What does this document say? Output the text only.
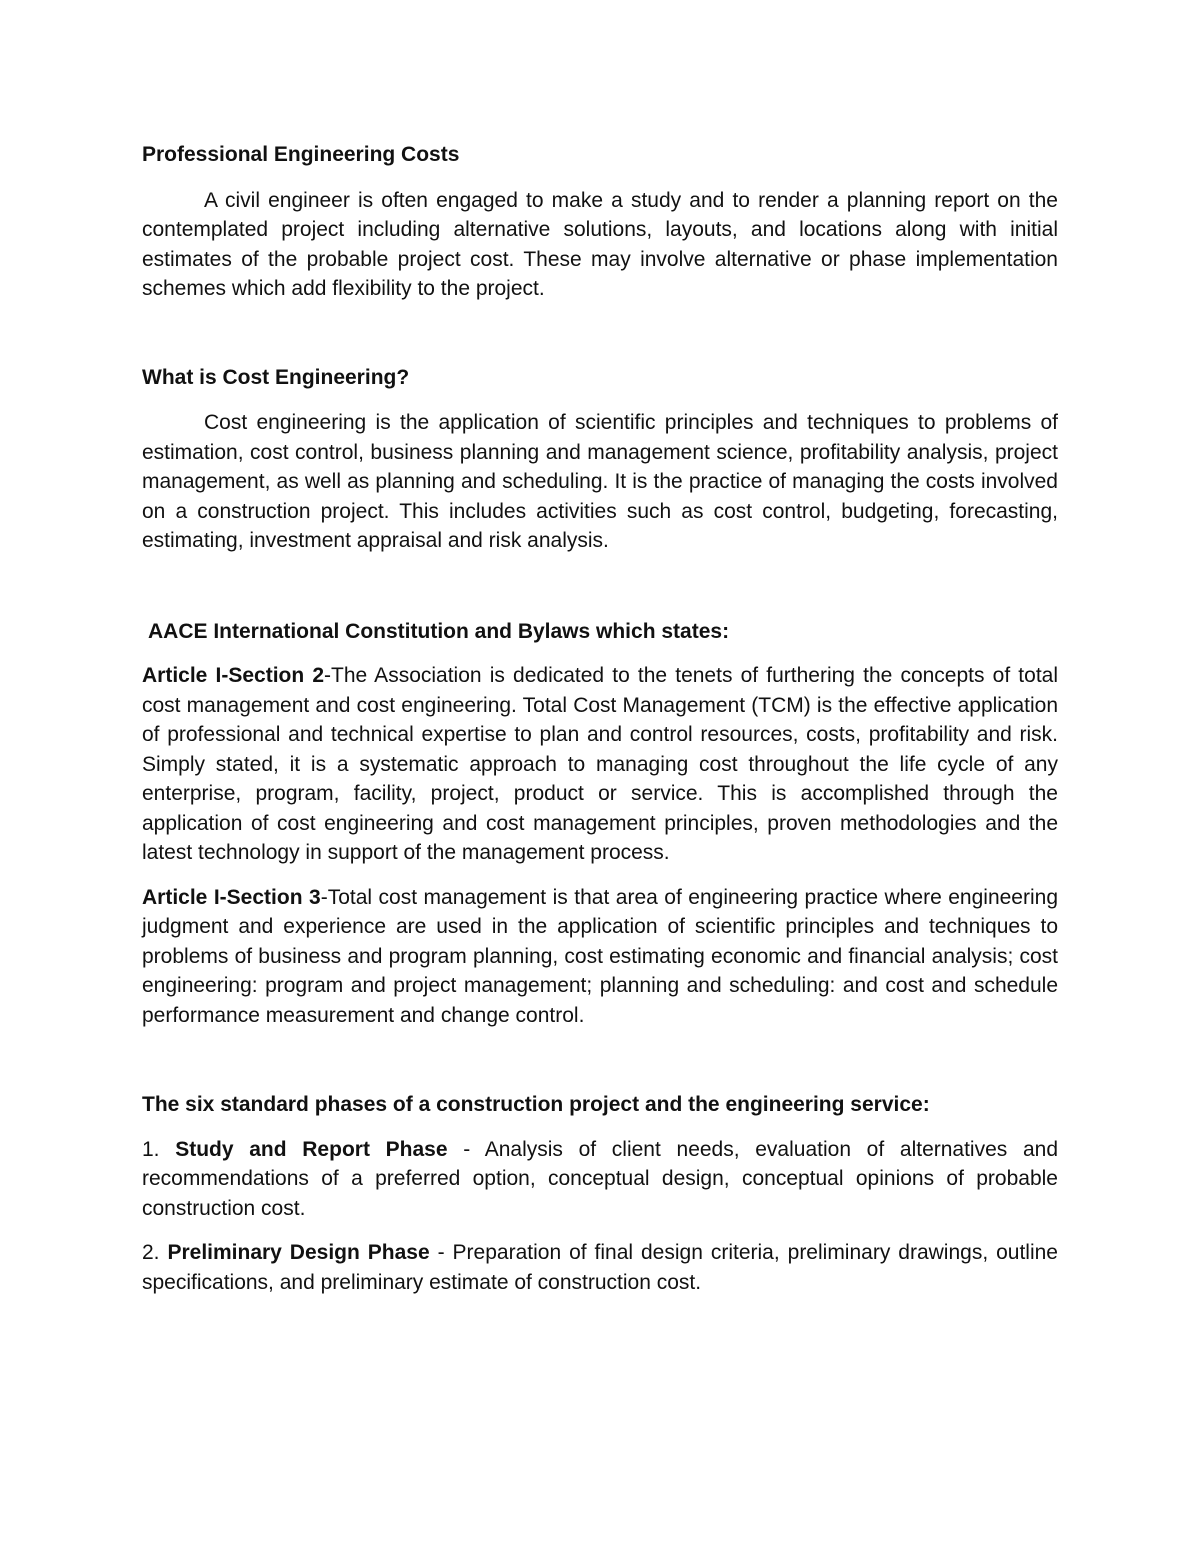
Professional Engineering Costs

A civil engineer is often engaged to make a study and to render a planning report on the contemplated project including alternative solutions, layouts, and locations along with initial estimates of the probable project cost. These may involve alternative or phase implementation schemes which add flexibility to the project.

What is Cost Engineering?

Cost engineering is the application of scientific principles and techniques to problems of estimation, cost control, business planning and management science, profitability analysis, project management, as well as planning and scheduling. It is the practice of managing the costs involved on a construction project. This includes activities such as cost control, budgeting, forecasting, estimating, investment appraisal and risk analysis.

AACE International Constitution and Bylaws which states:

Article I-Section 2-The Association is dedicated to the tenets of furthering the concepts of total cost management and cost engineering. Total Cost Management (TCM) is the effective application of professional and technical expertise to plan and control resources, costs, profitability and risk. Simply stated, it is a systematic approach to managing cost throughout the life cycle of any enterprise, program, facility, project, product or service. This is accomplished through the application of cost engineering and cost management principles, proven methodologies and the latest technology in support of the management process.

Article I-Section 3-Total cost management is that area of engineering practice where engineering judgment and experience are used in the application of scientific principles and techniques to problems of business and program planning, cost estimating economic and financial analysis; cost engineering: program and project management; planning and scheduling: and cost and schedule performance measurement and change control.

The six standard phases of a construction project and the engineering service:

1. Study and Report Phase - Analysis of client needs, evaluation of alternatives and recommendations of a preferred option, conceptual design, conceptual opinions of probable construction cost.

2. Preliminary Design Phase - Preparation of final design criteria, preliminary drawings, outline specifications, and preliminary estimate of construction cost.
